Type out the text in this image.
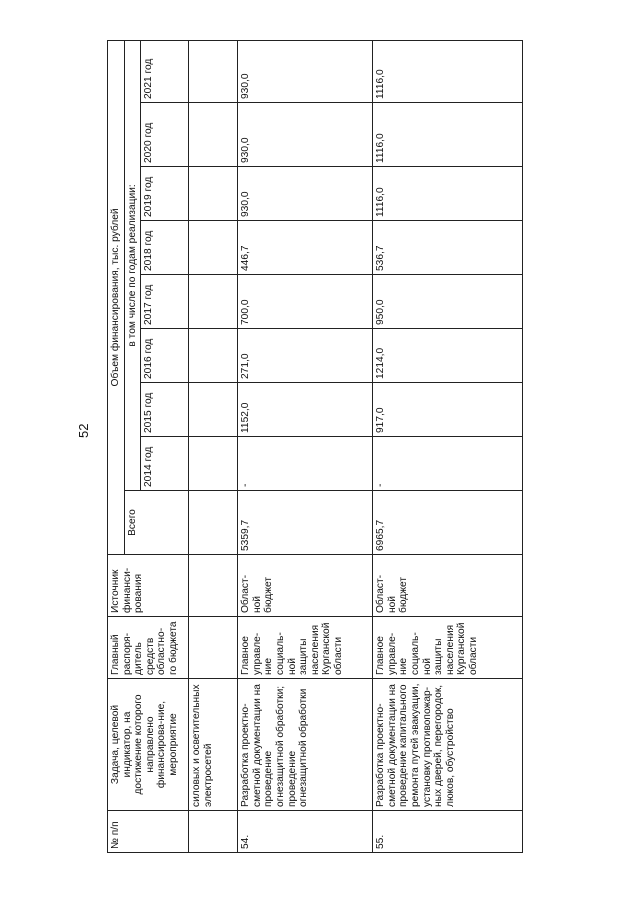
52
№ п/п	Задача, целевой индикатор, на достижение которого направлено финансирова-ние, мероприятие	Главный распоря-дитель средств областно-го бюджета	Источник финанси-рования	Объем финансирования, тыс. рублей								
				Всего	в том числе по годам реализации:							
					2014 год	2015 год	2016 год	2017 год	2018 год	2019 год	2020 год	2021 год
	силовых и осветительных электросетей											
54.	Разработка проектно-сметной документации на проведение огнезащитной обработки; проведение огнезащитной обработки	Главное управле-ние социаль-ной защиты населения Курганской области	Област-ной бюджет	5359,7	-	1152,0	271,0	700,0	446,7	930,0	930,0	930,0
55.	Разработка проектно-сметной документации на проведение капитального ремонта путей эвакуации, установку противопожар-ных дверей, перегородок, люков, обустройство	Главное управле-ние социаль-ной защиты населения Курганской области	Област-ной бюджет	6965,7	-	917,0	1214,0	950,0	536,7	1116,0	1116,0	1116,0
